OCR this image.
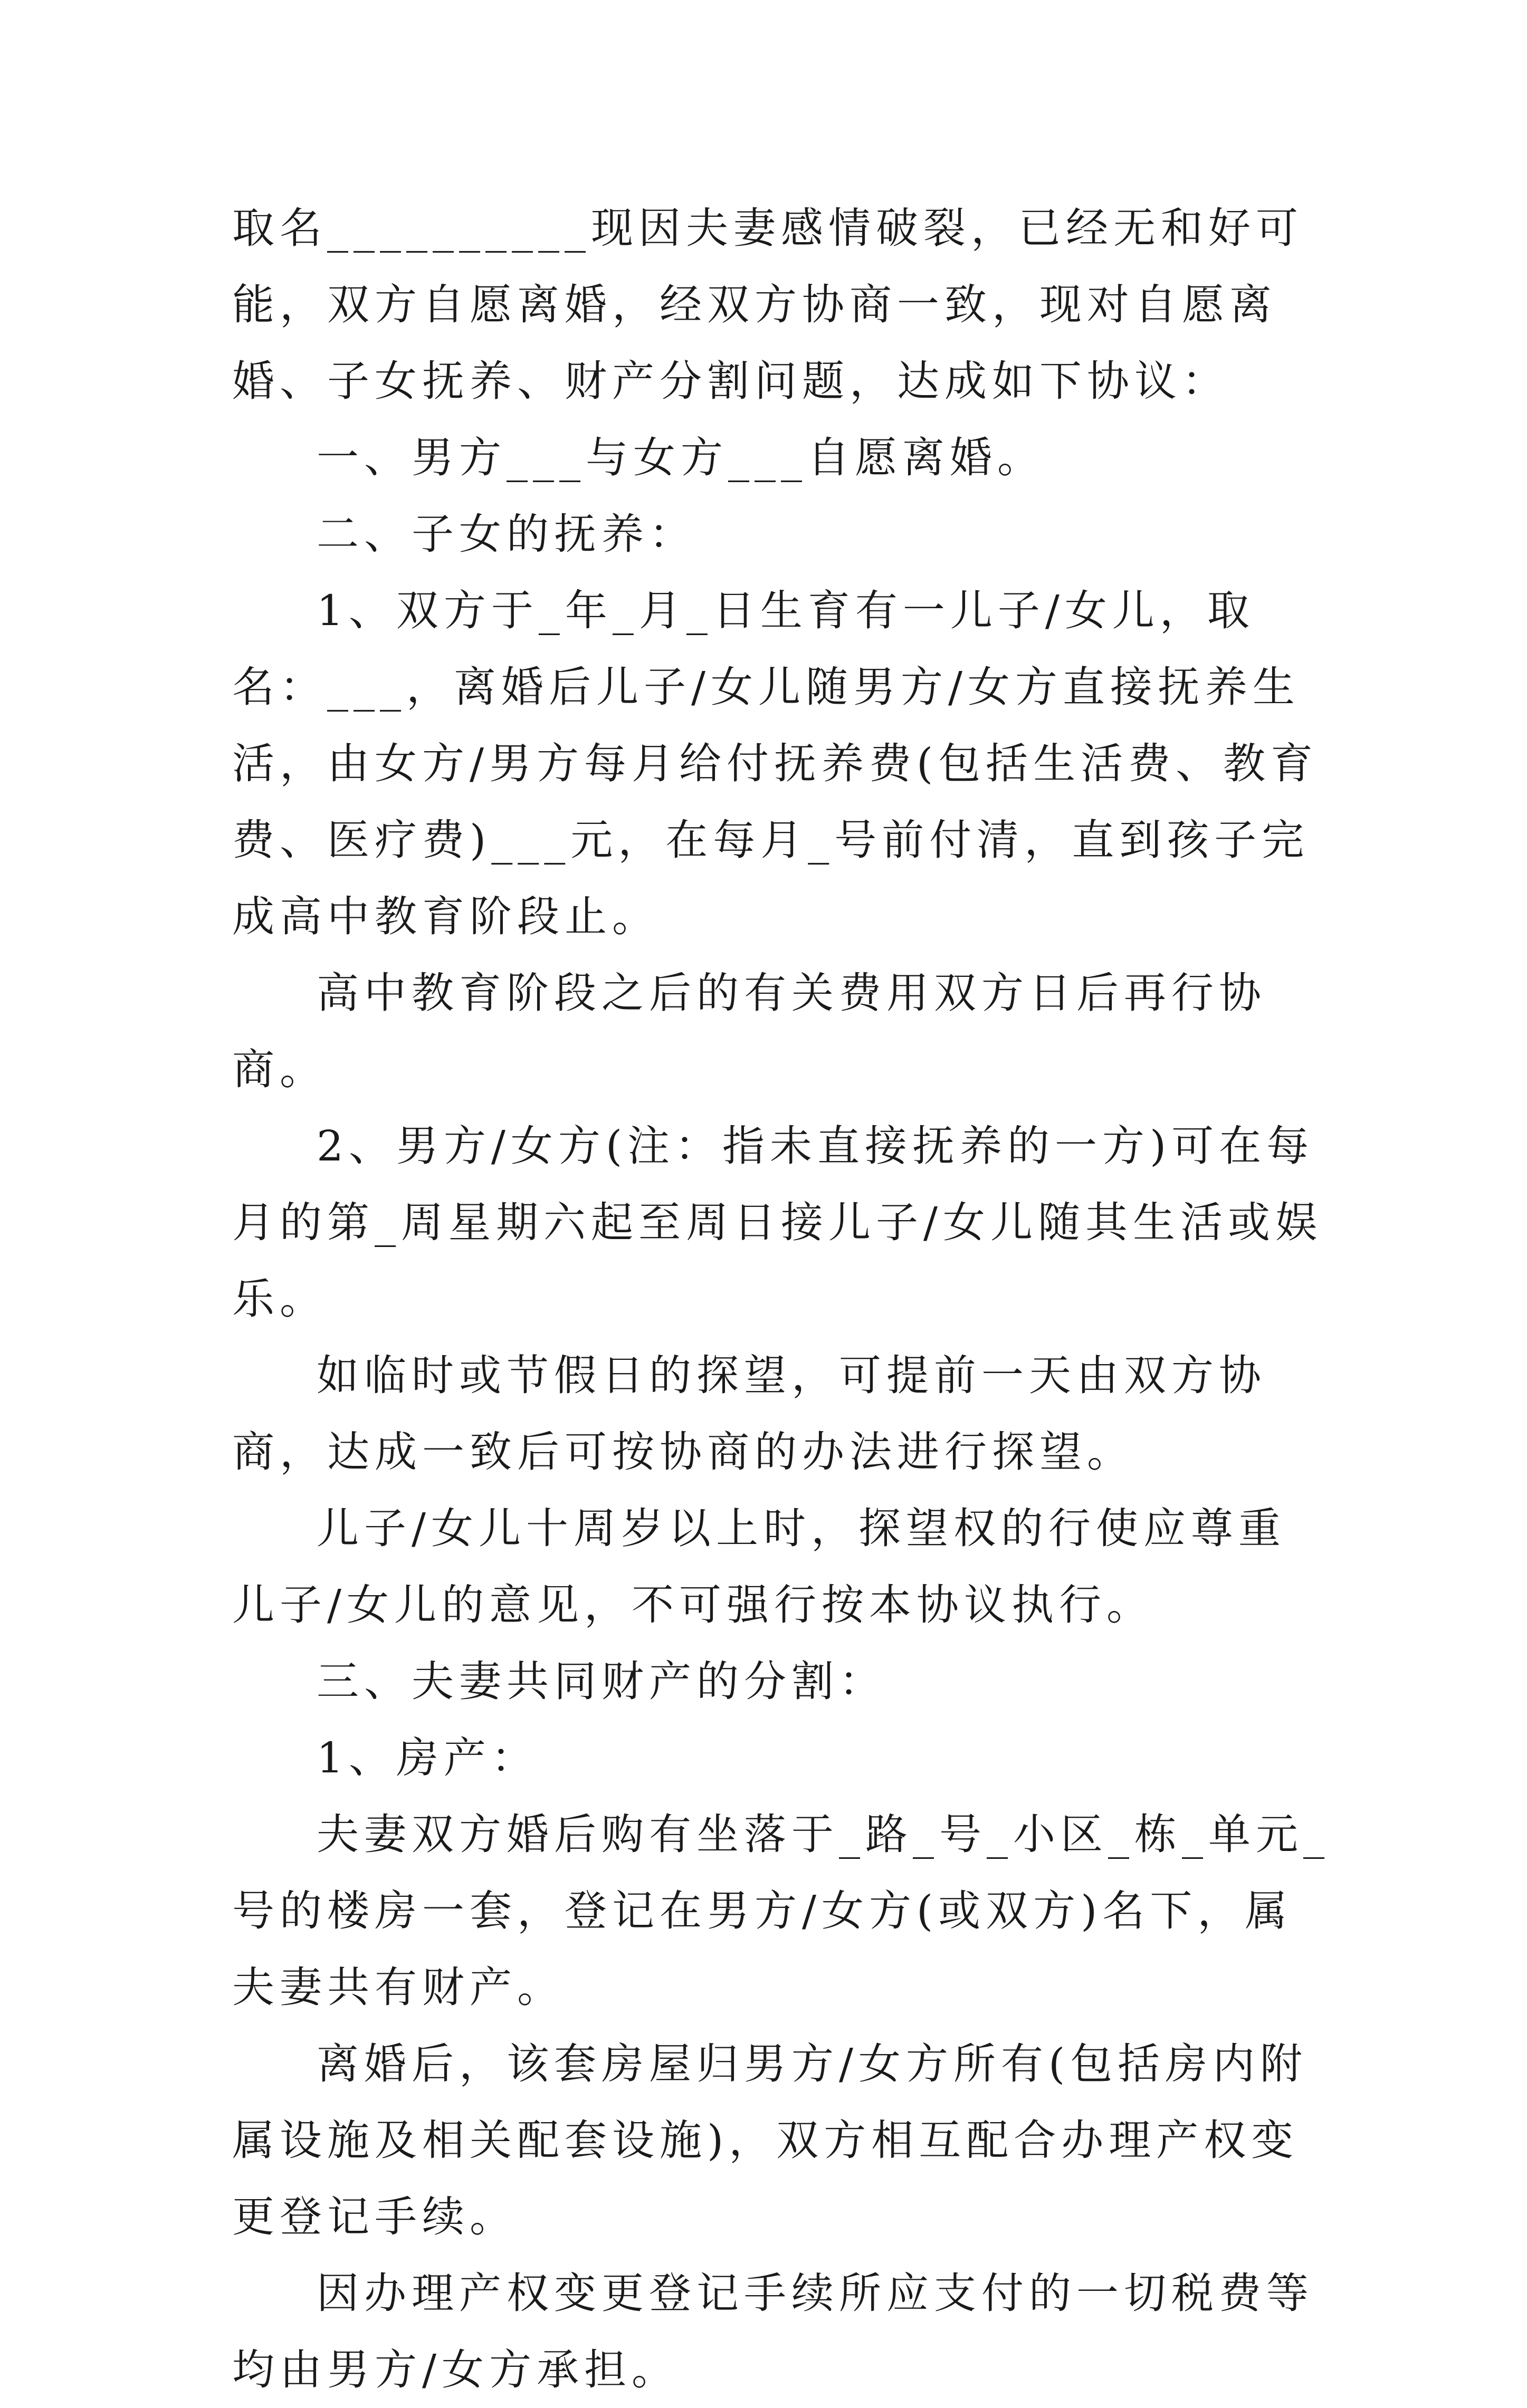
取名__________现因夫妻感情破裂，已经无和好可能，双方自愿离婚，经双方协商一致，现对自愿离婚、子女抚养、财产分割问题，达成如下协议：

一、男方___与女方___自愿离婚。

二、子女的抚养：

1、双方于_年_月_日生育有一儿子/女儿，取名：___，离婚后儿子/女儿随男方/女方直接抚养生活，由女方/男方每月给付抚养费(包括生活费、教育费、医疗费)___元，在每月_号前付清，直到孩子完成高中教育阶段止。

高中教育阶段之后的有关费用双方日后再行协商。

2、男方/女方(注：指未直接抚养的一方)可在每月的第_周星期六起至周日接儿子/女儿随其生活或娱乐。

如临时或节假日的探望，可提前一天由双方协商，达成一致后可按协商的办法进行探望。

儿子/女儿十周岁以上时，探望权的行使应尊重儿子/女儿的意见，不可强行按本协议执行。

三、夫妻共同财产的分割：

1、房产：

夫妻双方婚后购有坐落于_路_号_小区_栋_单元_号的楼房一套，登记在男方/女方(或双方)名下，属夫妻共有财产。

离婚后，该套房屋归男方/女方所有(包括房内附属设施及相关配套设施)，双方相互配合办理产权变更登记手续。

因办理产权变更登记手续所应支付的一切税费等均由男方/女方承担。
